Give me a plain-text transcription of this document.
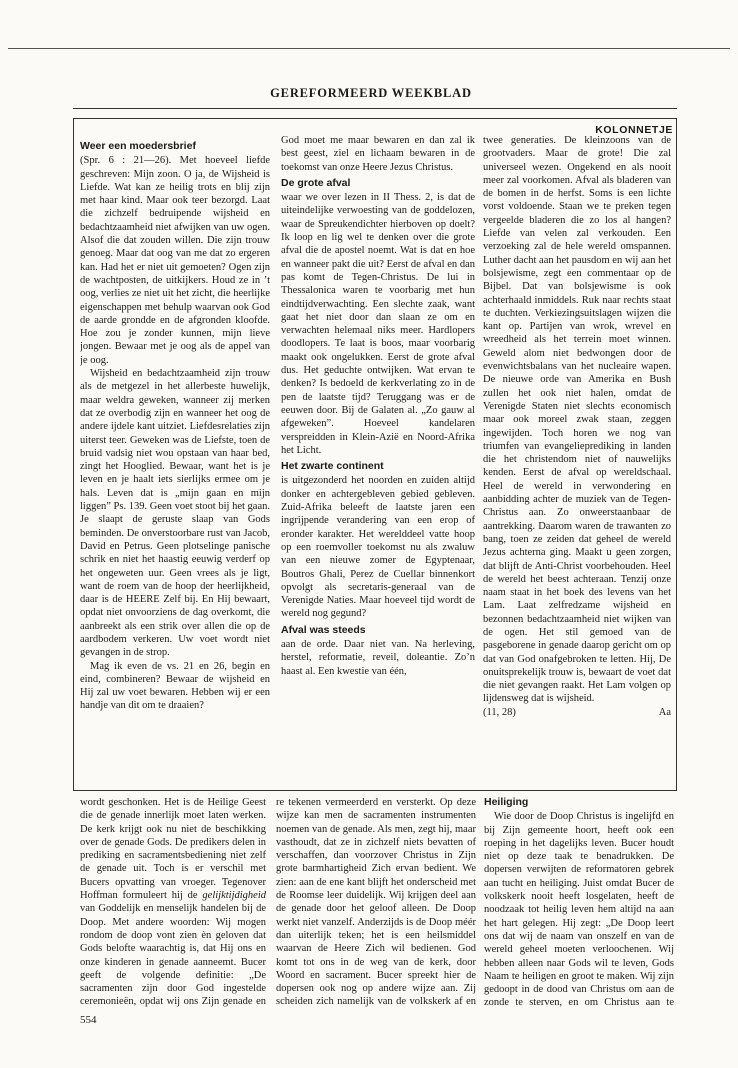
GEREFORMEERD WEEKBLAD
KOLONNETJE
Weer een moedersbrief

(Spr. 6 : 21—26). Met hoeveel liefde geschreven: Mijn zoon. O ja, de Wijsheid is Liefde. Wat kan ze heilig trots en blij zijn met haar kind. Maar ook teer bezorgd. Laat die zichzelf bedruipende wijsheid en bedachtzaamheid niet afwijken van uw ogen. Alsof die dat zouden willen. Die zijn trouw genoeg. Maar dat oog van me dat zo ergeren kan. Had het er niet uit gemoeten? Ogen zijn de wachtposten, de uitkijkers. Houd ze in ’t oog, verlies ze niet uit het zicht, die heerlijke eigenschappen met behulp waarvan ook God de aarde grondde en de afgronden kloofde. Hoe zou je zonder kunnen, mijn lieve jongen. Bewaar met je oog als de appel van je oog.

Wijsheid en bedachtzaamheid zijn trouw als de metgezel in het allerbeste huwelijk, maar weldra geweken, wanneer zij merken dat ze overbodig zijn en wanneer het oog de andere ijdele kant uitziet. Liefdesrelaties zijn uiterst teer. Geweken was de Liefste, toen de bruid vadsig niet wou opstaan van haar bed, zingt het Hooglied. Bewaar, want het is je leven en je haalt iets sierlijks ermee om je hals. Leven dat is „mijn gaan en mijn liggen” Ps. 139. Geen voet stoot bij het gaan. Je slaapt de geruste slaap van Gods beminden. De onverstoorbare rust van Jacob, David en Petrus. Geen plotselinge panische schrik en niet het haastig eeuwig verderf op het ongeweten uur. Geen vrees als je ligt, want de roem van de hoop der heerlijkheid, daar is de HEERE Zelf bij. En Hij bewaart, opdat niet onvoorziens de dag overkomt, die aanbreekt als een strik over allen die op de aardbodem verkeren. Uw voet wordt niet gevangen in de strop.

Mag ik even de vs. 21 en 26, begin en eind, combineren? Bewaar de wijsheid en Hij zal uw voet bewaren. Hebben wij er een handje van dit om te draaien?

God moet me maar bewaren en dan zal ik best geest, ziel en lichaam bewaren in de toekomst van onze Heere Jezus Christus.

De grote afval

waar we over lezen in II Thess. 2, is dat de uiteindelijke verwoesting van de goddelozen, waar de Spreukendichter hierboven op doelt? Ik loop en lig wel te denken over die grote afval die de apostel noemt. Wat is dat en hoe en wanneer pakt die uit? Eerst de afval en dan pas komt de Tegen-Christus. De lui in Thessalonica waren te voorbarig met hun eindtijdverwachting. Een slechte zaak, want gaat het niet door dan slaan ze om en verwachten helemaal niks meer. Hardlopers doodlopers. Te laat is boos, maar voorbarig maakt ook ongelukken. Eerst de grote afval dus. Het geduchte ontwijken. Wat ervan te denken? Is bedoeld de kerkverlating zo in de pen de laatste tijd? Teruggang was er de eeuwen door. Bij de Galaten al. „Zo gauw al afgeweken”. Hoeveel kandelaren verspreidden in Klein-Azië en Noord-Afrika het Licht.

Het zwarte continent

is uitgezonderd het noorden en zuiden altijd donker en achtergebleven gebied gebleven. Zuid-Afrika beleeft de laatste jaren een ingrijpende verandering van een erop of eronder karakter. Het werelddeel vatte hoop op een roemvoller toekomst nu als zwaluw van een nieuwe zomer de Egyptenaar, Boutros Ghali, Perez de Cuellar binnenkort opvolgt als secretaris-generaal van de Verenigde Naties. Maar hoeveel tijd wordt de wereld nog gegund?

Afval was steeds

aan de orde. Daar niet van. Na herleving, herstel, reformatie, reveil, doleantie. Zo’n haast al. Een kwestie van één,

twee generaties. De kleinzoons van de grootvaders. Maar de grote! Die zal universeel wezen. Ongekend en als nooit meer zal voorkomen. Afval als bladeren van de bomen in de herfst. Soms is een lichte vorst voldoende. Staan we te preken tegen vergeelde bladeren die zo los al hangen? Liefde van velen zal verkouden. Een verzoeking zal de hele wereld omspannen. Luther dacht aan het pausdom en wij aan het bolsjewisme, zegt een commentaar op de Bijbel. Dat van bolsjewisme is ook achterhaald inmiddels. Ruk naar rechts staat te duchten. Verkiezingsuitslagen wijzen die kant op. Partijen van wrok, wrevel en wreedheid als het terrein moet winnen. Geweld alom niet bedwongen door de evenwichtsbalans van het nucleaire wapen. De nieuwe orde van Amerika en Bush zullen het ook niet halen, omdat de Verenigde Staten niet slechts economisch maar ook moreel zwak staan, zeggen ingewijden. Toch horen we nog van triumfen van evangelieprediking in landen die het christendom niet of nauwelijks kenden. Eerst de afval op wereldschaal. Heel de wereld in verwondering en aanbidding achter de muziek van de Tegen-Christus aan. Zo onweerstaanbaar de aantrekking. Daarom waren de trawanten zo bang, toen ze zeiden dat geheel de wereld Jezus achterna ging. Maakt u geen zorgen, dat blijft de Anti-Christ voorbehouden. Heel de wereld het beest achteraan. Tenzij onze naam staat in het boek des levens van het Lam. Laat zelfredzame wijsheid en bezonnen bedachtzaamheid niet wijken van de ogen. Het stil gemoed van de pasgeborene in genade daarop gericht om op dat van God onafgebroken te letten. Hij, De onuitsprekelijk trouw is, bewaart de voet dat die niet gevangen raakt. Het Lam volgen op lijdensweg dat is wijsheid.

(11, 28)	Aa

wordt geschonken. Het is de Heilige Geest die de genade innerlijk moet laten werken. De kerk krijgt ook nu niet de beschikking over de genade Gods. De predikers delen in prediking en sacramentsbediening niet zelf de genade uit. Toch is er verschil met Bucers opvatting van vroeger. Tegenover Hoffman formuleert hij de gelijktijdigheid van Goddelijk en menselijk handelen bij de Doop. Met andere woorden: Wij mogen rondom de doop vont zien èn geloven dat Gods belofte waarachtig is, dat Hij ons en onze kinderen in genade aanneemt. Bucer geeft de volgende definitie: „De sacramenten zijn door God ingestelde ceremonieën, opdat wij ons Zijn genade en

re tekenen vermeerderd en versterkt. Op deze wijze kan men de sacramenten instrumenten noemen van de genade. Als men, zegt hij, maar vasthoudt, dat ze in zichzelf niets bevatten of verschaffen, dan voorzover Christus in Zijn grote barmhartigheid Zich ervan bedient. We zien: aan de ene kant blijft het onderscheid met de Roomse leer duidelijk. Wij krijgen deel aan de genade door het geloof alleen. De Doop werkt niet vanzelf. Anderzijds is de Doop méér dan uiterlijk teken; het is een heilsmiddel waarvan de Heere Zich wil bedienen. God komt tot ons in de weg van de kerk, door Woord en sacrament. Bucer spreekt hier de dopersen ook nog op andere wijze aan. Zij scheiden zich namelijk van de volkskerk af en

Heiliging

Wie door de Doop Christus is ingelijfd en bij Zijn gemeente hoort, heeft ook een roeping in het dagelijks leven. Bucer houdt niet op deze taak te benadrukken. De dopersen verwijten de reformatoren gebrek aan tucht en heiliging. Juist omdat Bucer de volkskerk nooit heeft losgelaten, heeft de noodzaak tot heilig leven hem altijd na aan het hart gelegen. Hij zegt: „De Doop leert ons dat wij de naam van onszelf en van de wereld geheel moeten verloochenen. Wij hebben alleen naar Gods wil te leven, Gods Naam te heiligen en groot te maken. Wij zijn gedoopt in de dood van Christus om aan de zonde te sterven, en om Christus aan te

554
